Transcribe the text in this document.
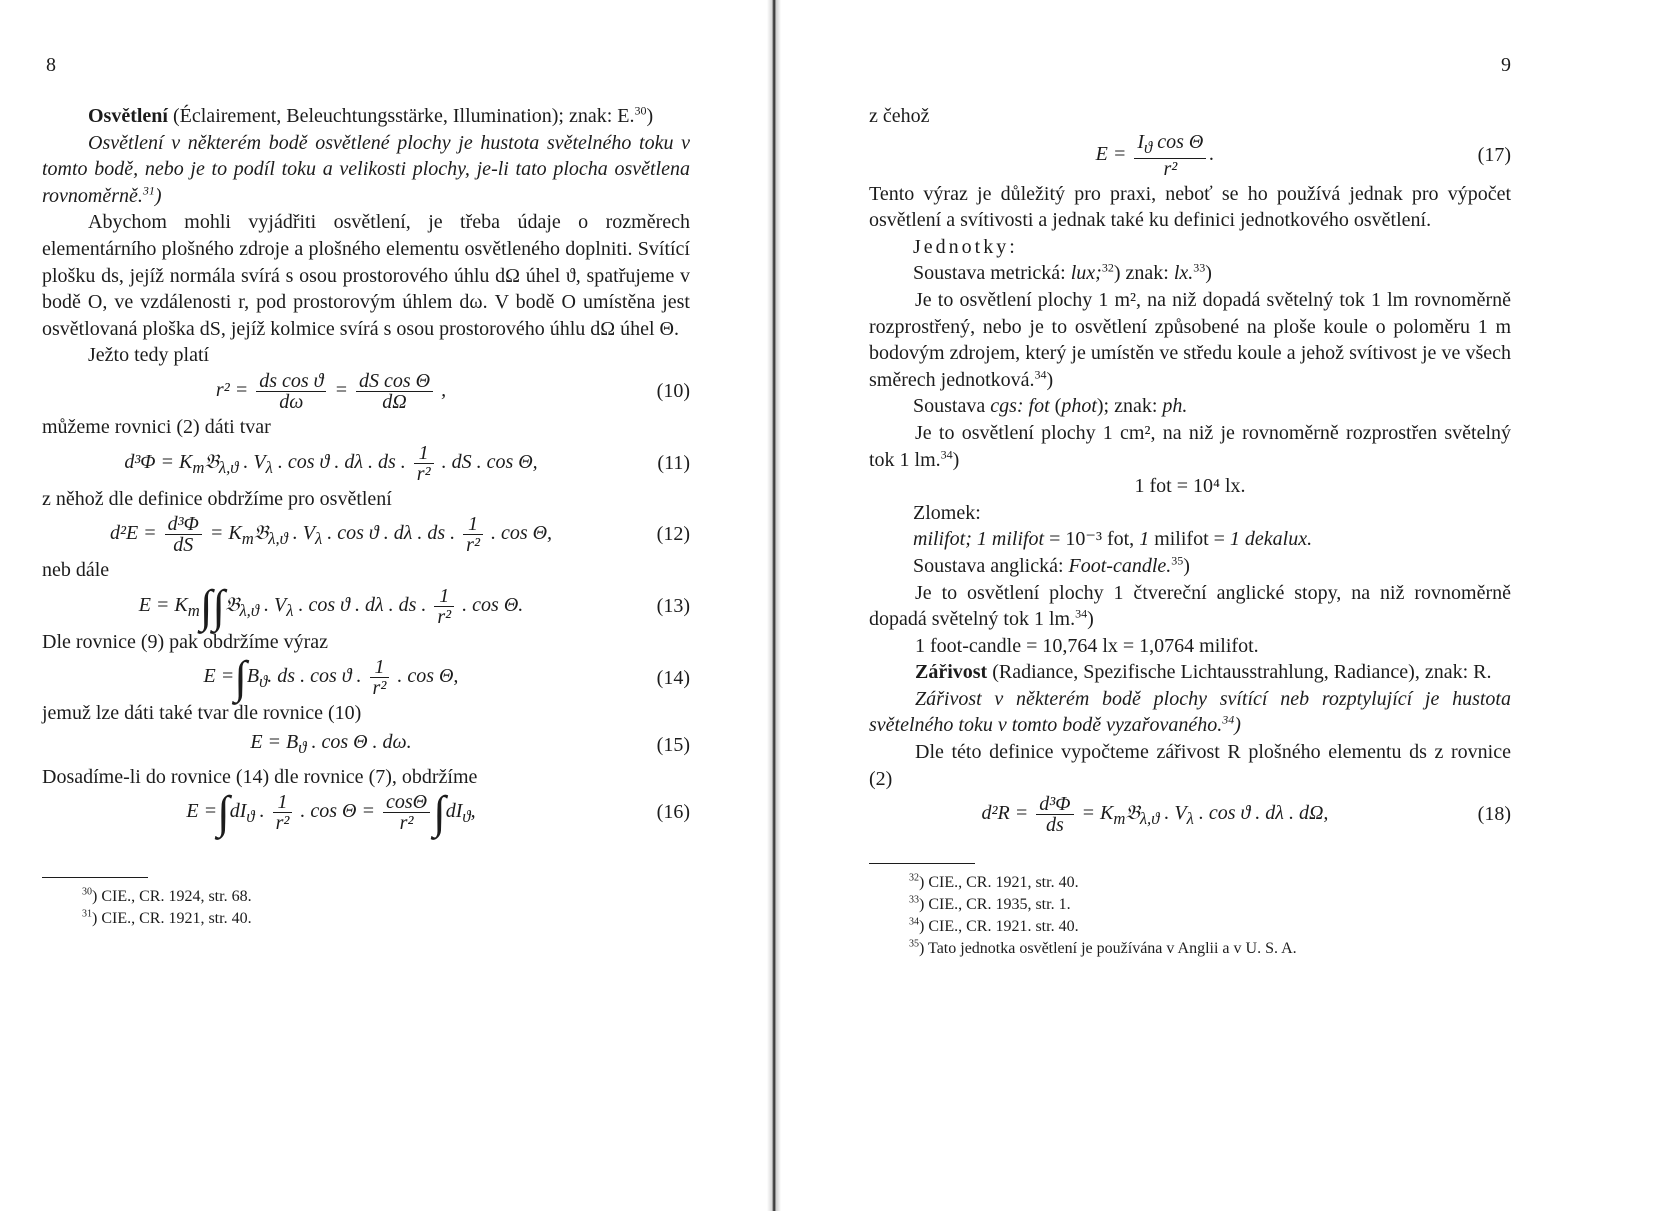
8

Osvětlení (Éclairement, Beleuchtungsstärke, Illumination); znak: E.$^{30}$)

Osvětlení v některém bodě osvětlené plochy je hustota světelného toku v tomto bodě, nebo je to podíl toku a velikosti plochy, je-li tato plocha osvětlena rovnoměrně.$^{31}$)

Abychom mohli vyjádřiti osvětlení, je třeba údaje o rozměrech elementárního plošného zdroje a plošného elementu osvětleného doplniti. Svítící plošku ds, jejíž normála svírá s osou prostorového úhlu dΩ úhel ϑ, spatřujeme v bodě O, ve vzdálenosti r, pod prostorovým úhlem dω. V bodě O umístěna jest osvětlovaná ploška dS, jejíž kolmice svírá s osou prostorového úhlu dΩ úhel Θ.

Ježto tedy platí

$r^2 = \frac{\text{ds cos ϑ}}{d\omega} = \frac{\text{dS cos Θ}}{d\Omega}$ ,	(10)

můžeme rovnici (2) dáti tvar

$d^3\Phi = K_m𝔅_{\lambda,ϑ}$ . $V_\lambda$ . cos ϑ . dλ . ds . $\frac{1}{\text{r²}}$ . dS . cos Θ,	(11)

z něhož dle definice obdržíme pro osvětlení

$d^2E = \frac{\text{d³Φ}}{dS}$ = $K_m𝔅_{\lambda,ϑ}$ . $V_\lambda$ . cos ϑ . dλ . ds . $\frac{1}{\text{r²}}$ . cos Θ,	(12)

neb dále

$E = K_m\int\int 𝔅_{\lambda,ϑ}$ . $V_\lambda$ . cos ϑ . dλ . ds . $\frac{1}{\text{r²}}$ . cos Θ.	(13)

Dle rovnice (9) pak obdržíme výraz

$E =\int B_ϑ$. ds . cos ϑ . $\frac{1}{\text{r²}}$ . cos Θ,	(14)

jemuž lze dáti také tvar dle rovnice (10)

$E = B_ϑ$ . cos Θ . dω.	(15)

Dosadíme-li do rovnice (14) dle rovnice (7), obdržíme

$E =\int dI_ϑ$ . $\frac{1}{\text{r²}}$ . $\cos \Theta = \frac{\cos\Theta}{\text{r²}} \int dI_ϑ$,	(16)
$^{30}$) CIE., CR. 1924, str. 68.
$^{31}$) CIE., CR. 1921, str. 40.
9

z čehož

$E = \frac{I_ϑ \cos \Theta}{\text{r²}}$ .	(17)

Tento výraz je důležitý pro praxi, neboť se ho používá jednak pro výpočet osvětlení a svítivosti a jednak také ku definici jednotkového osvětlení.

Jednotky:

Soustava metrická: lux;$^{32}$) znak: lx.$^{33}$)

Je to osvětlení plochy 1 m², na niž dopadá světelný tok 1 lm rovnoměrně rozprostřený, nebo je to osvětlení způsobené na ploše koule o poloměru 1 m bodovým zdrojem, který je umístěn ve středu koule a jehož svítivost je ve všech směrech jednotková.$^{34}$)

Soustava cgs: fot (phot); znak: ph.

Je to osvětlení plochy 1 cm², na niž je rovnoměrně rozprostřen světelný tok 1 lm.$^{34}$)

1 fot = 10⁴ lx.

Zlomek:

milifot; 1 milifot = 10⁻³ fot, 1 milifot = 1 dekalux.

Soustava anglická: Foot-candle.$^{35}$)

Je to osvětlení plochy 1 čtvereční anglické stopy, na niž rovnoměrně dopadá světelný tok 1 lm.$^{34}$)

1 foot-candle = 10,764 lx = 1,0764 milifot.

Zářivost (Radiance, Spezifische Lichtausstrahlung, Radiance), znak: R.

Zářivost v některém bodě plochy svítící neb rozptylující je hustota světelného toku v tomto bodě vyzařovaného.$^{34}$)

Dle této definice vypočteme zářivost R plošného elementu ds z rovnice (2)

$d^2R = \frac{\text{d³Φ}}{ds}$ = $K_m𝔅_{\lambda,ϑ}$ . $V_\lambda$ . cos ϑ . dλ . dΩ,	(18)
$^{32}$) CIE., CR. 1921, str. 40.
$^{33}$) CIE., CR. 1935, str. 1.
$^{34}$) CIE., CR. 1921. str. 40.
$^{35}$) Tato jednotka osvětlení je používána v Anglii a v U. S. A.
